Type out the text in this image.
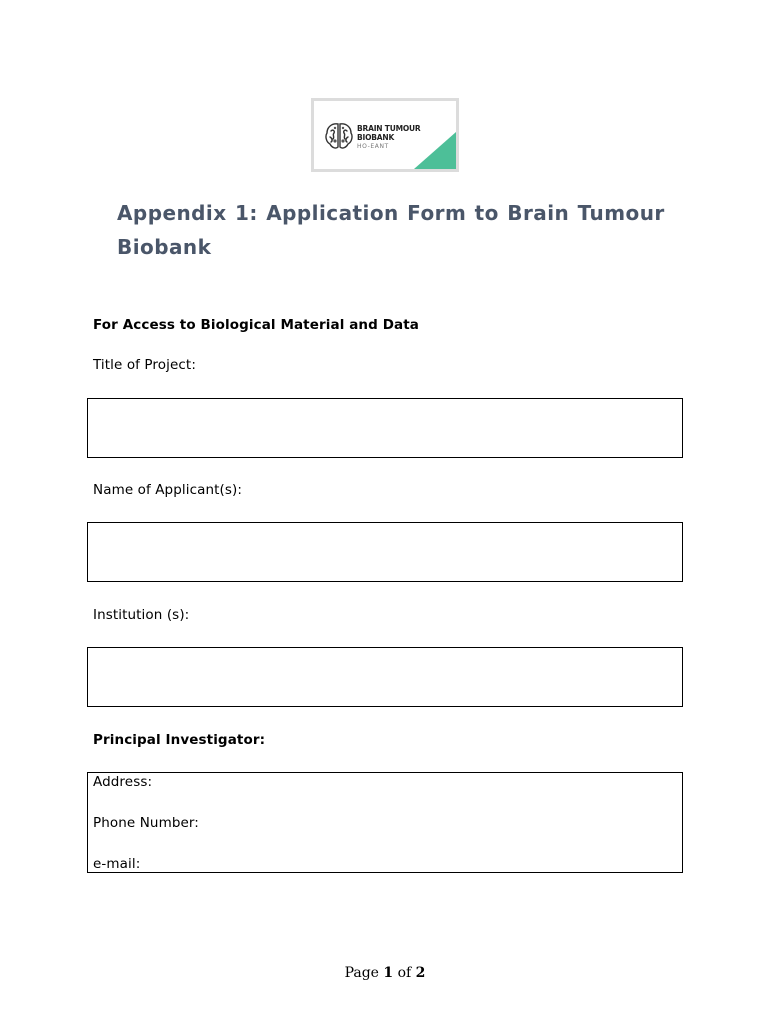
BRAIN TUMOUR
BIOBANK
HO-EANT
Appendix 1: Application Form to Brain Tumour Biobank
For Access to Biological Material and Data
Title of Project:
Name of Applicant(s):
Institution (s):
Principal Investigator:
Address:
Phone Number:
e-mail:
Page 1 of 2
